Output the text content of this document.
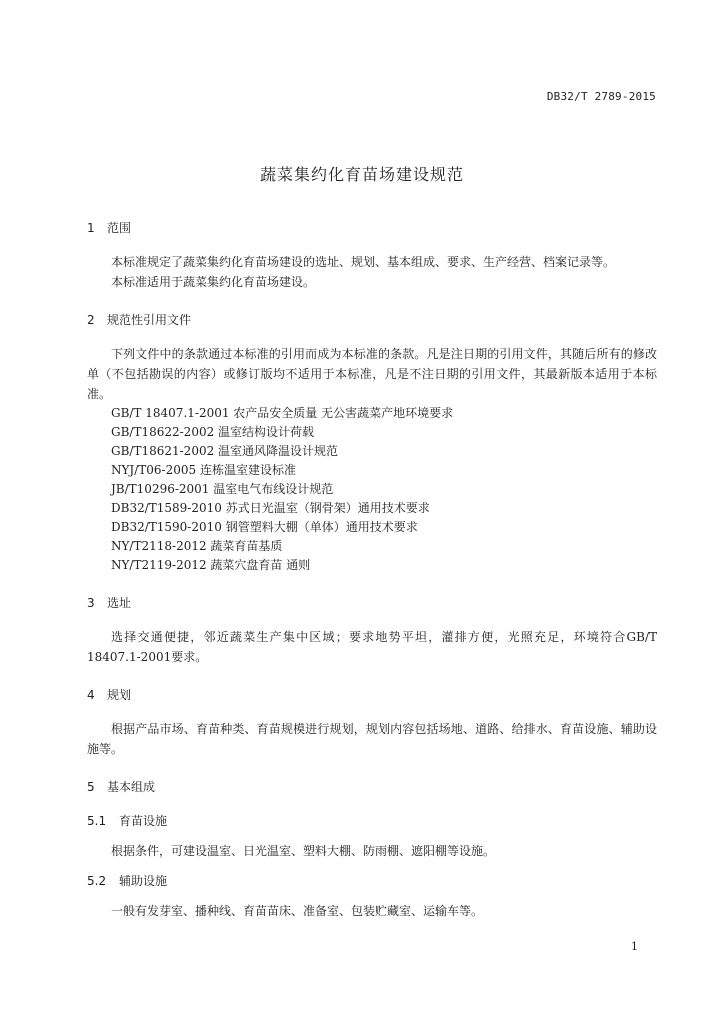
DB32/T 2789-2015
蔬菜集约化育苗场建设规范
1 范围

本标准规定了蔬菜集约化育苗场建设的选址、规划、基本组成、要求、生产经营、档案记录等。

本标准适用于蔬菜集约化育苗场建设。

2 规范性引用文件

下列文件中的条款通过本标准的引用而成为本标准的条款。凡是注日期的引用文件，其随后所有的修改单（不包括勘误的内容）或修订版均不适用于本标准，凡是不注日期的引用文件，其最新版本适用于本标准。

GB/T 18407.1-2001 农产品安全质量 无公害蔬菜产地环境要求
GB/T18622-2002 温室结构设计荷载
GB/T18621-2002 温室通风降温设计规范
NYJ/T06-2005 连栋温室建设标准
JB/T10296-2001 温室电气布线设计规范
DB32/T1589-2010 苏式日光温室（钢骨架）通用技术要求
DB32/T1590-2010 钢管塑料大棚（单体）通用技术要求
NY/T2118-2012 蔬菜育苗基质
NY/T2119-2012 蔬菜穴盘育苗 通则
3 选址

选择交通便捷，邻近蔬菜生产集中区域；要求地势平坦，灌排方便，光照充足，环境符合GB/T 18407.1-2001要求。

4 规划

根据产品市场、育苗种类、育苗规模进行规划，规划内容包括场地、道路、给排水、育苗设施、辅助设施等。

5 基本组成
5.1 育苗设施

根据条件，可建设温室、日光温室、塑料大棚、防雨棚、遮阳棚等设施。

5.2 辅助设施

一般有发芽室、播种线、育苗苗床、准备室、包装贮藏室、运输车等。

1
